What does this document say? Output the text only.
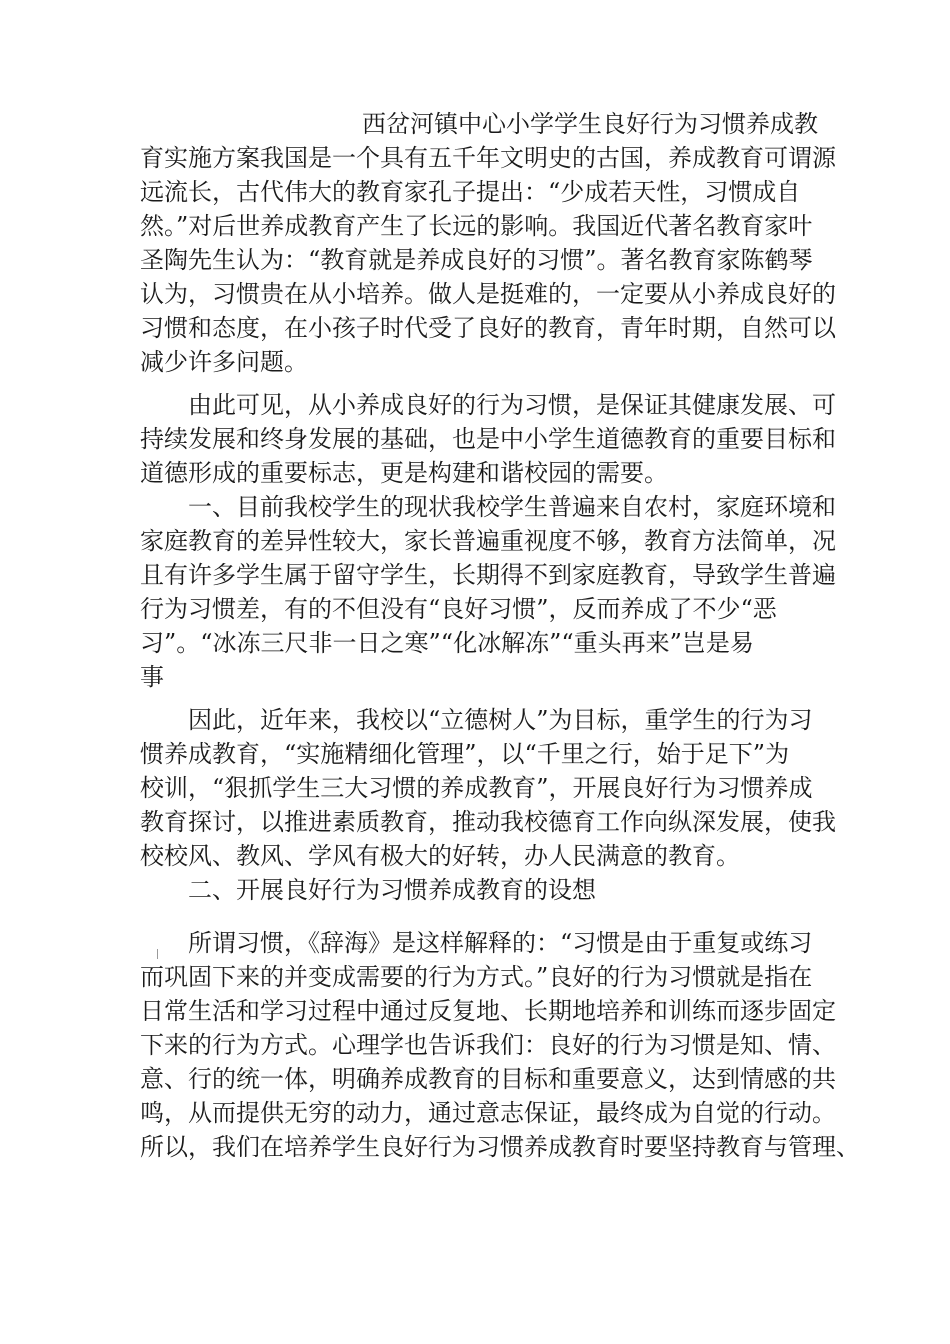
西岔河镇中心小学学生良好行为习惯养成教
育实施方案我国是一个具有五千年文明史的古国，养成教育可谓源
远流长，古代伟大的教育家孔子提出：“少成若天性，习惯成自
然。”对后世养成教育产生了长远的影响。我国近代著名教育家叶
圣陶先生认为：“教育就是养成良好的习惯”。著名教育家陈鹤琴
认为，习惯贵在从小培养。做人是挺难的，一定要从小养成良好的
习惯和态度，在小孩子时代受了良好的教育，青年时期，自然可以
减少许多问题。
由此可见，从小养成良好的行为习惯，是保证其健康发展、可
持续发展和终身发展的基础，也是中小学生道德教育的重要目标和
道德形成的重要标志，更是构建和谐校园的需要。
一、目前我校学生的现状我校学生普遍来自农村，家庭环境和
家庭教育的差异性较大，家长普遍重视度不够，教育方法简单，况
且有许多学生属于留守学生，长期得不到家庭教育，导致学生普遍
行为习惯差，有的不但没有“良好习惯”，反而养成了不少“恶
习”。“冰冻三尺非一日之寒”“化冰解冻”“重头再来”岂是易
事
因此，近年来，我校以“立德树人”为目标，重学生的行为习
惯养成教育，“实施精细化管理”，以“千里之行，始于足下”为
校训，“狠抓学生三大习惯的养成教育”，开展良好行为习惯养成
教育探讨，以推进素质教育，推动我校德育工作向纵深发展，使我
校校风、教风、学风有极大的好转，办人民满意的教育。
二、开展良好行为习惯养成教育的设想
所谓习惯，《辞海》是这样解释的：“习惯是由于重复或练习
而巩固下来的并变成需要的行为方式。”良好的行为习惯就是指在
日常生活和学习过程中通过反复地、长期地培养和训练而逐步固定
下来的行为方式。心理学也告诉我们：良好的行为习惯是知、情、
意、行的统一体，明确养成教育的目标和重要意义，达到情感的共
鸣，从而提供无穷的动力，通过意志保证，最终成为自觉的行动。
所以，我们在培养学生良好行为习惯养成教育时要坚持教育与管理、
